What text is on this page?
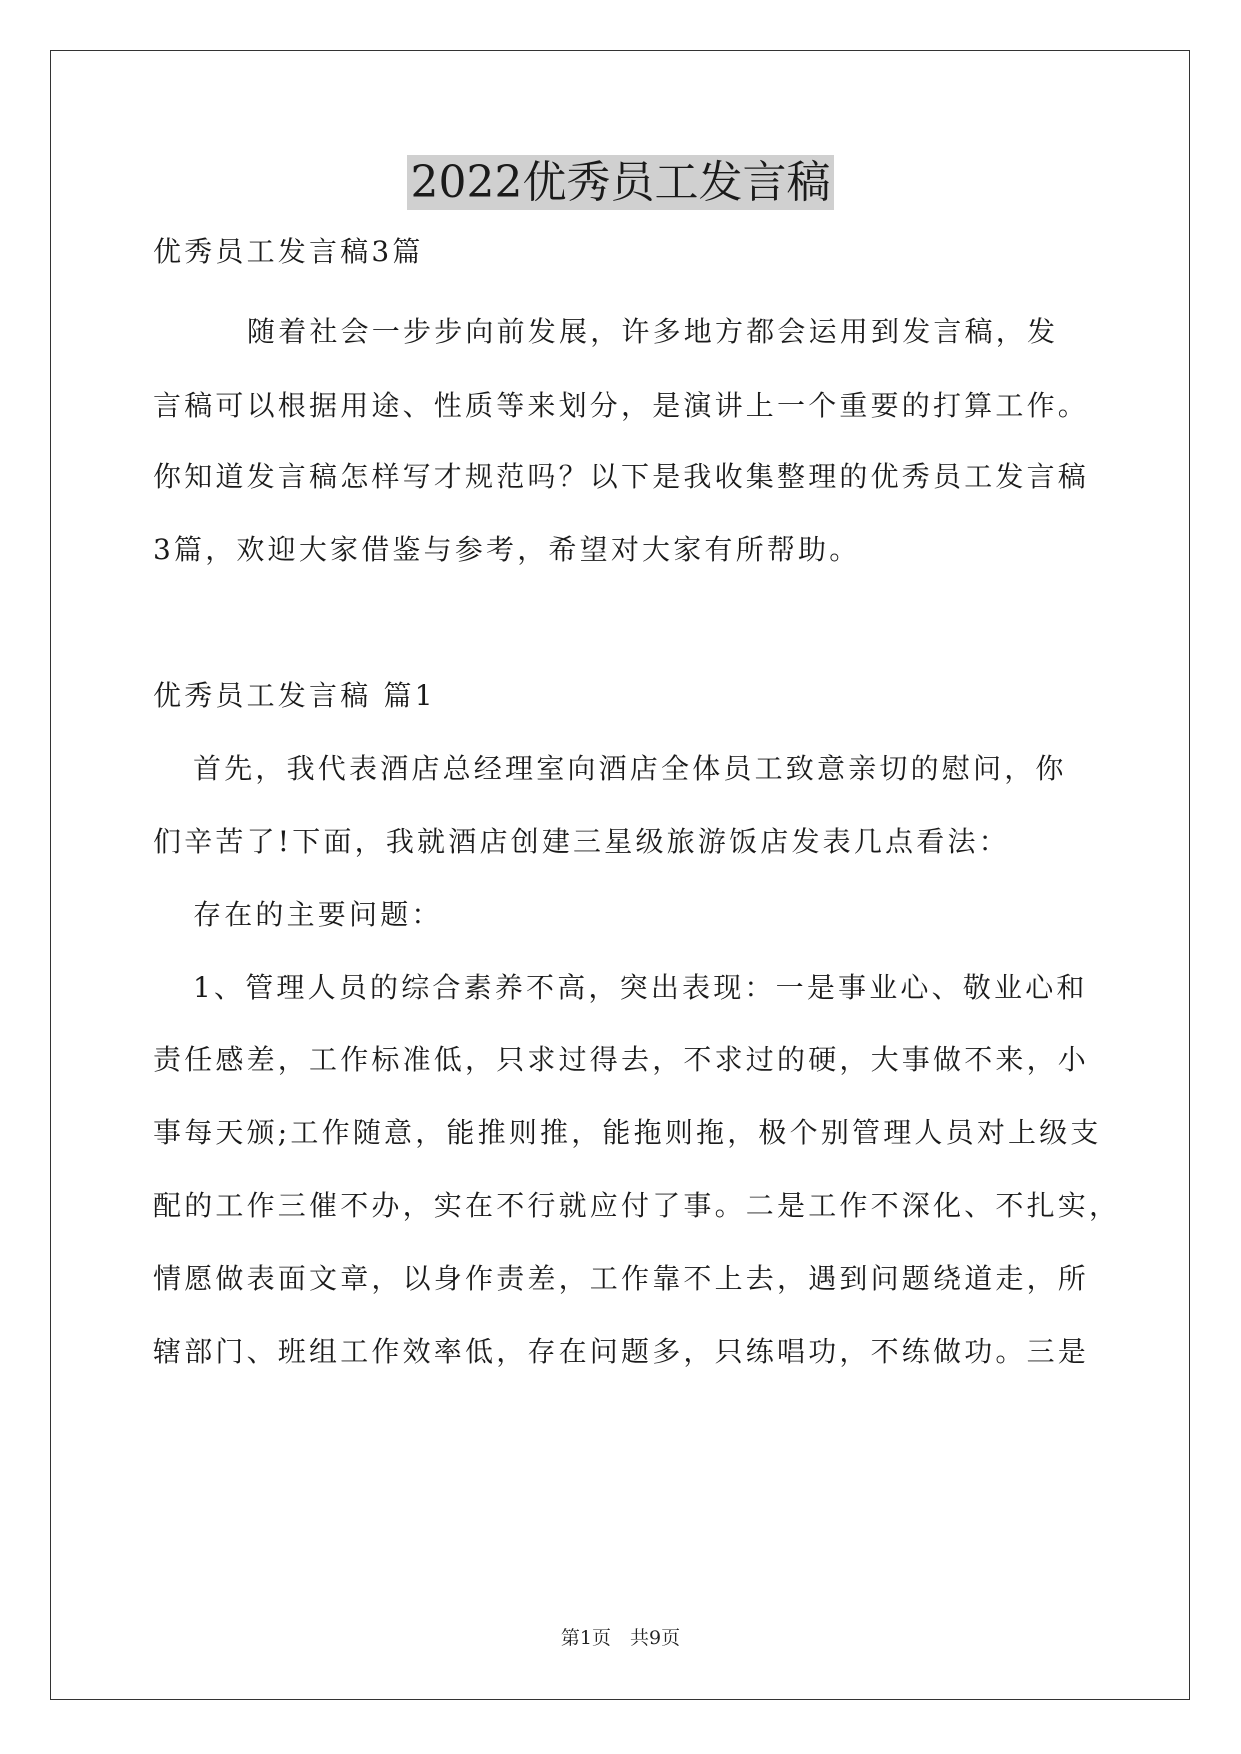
2022优秀员工发言稿
优秀员工发言稿3篇
随着社会一步步向前发展，许多地方都会运用到发言稿，发
言稿可以根据用途、性质等来划分，是演讲上一个重要的打算工作。
你知道发言稿怎样写才规范吗？以下是我收集整理的优秀员工发言稿
3篇，欢迎大家借鉴与参考，希望对大家有所帮助。
优秀员工发言稿 篇1
首先，我代表酒店总经理室向酒店全体员工致意亲切的慰问，你
们辛苦了!下面，我就酒店创建三星级旅游饭店发表几点看法：
存在的主要问题：
1、管理人员的综合素养不高，突出表现：一是事业心、敬业心和
责任感差，工作标准低，只求过得去，不求过的硬，大事做不来，小
事每天颁;工作随意，能推则推，能拖则拖，极个别管理人员对上级支
配的工作三催不办，实在不行就应付了事。二是工作不深化、不扎实，
情愿做表面文章，以身作责差，工作靠不上去，遇到问题绕道走，所
辖部门、班组工作效率低，存在问题多，只练唱功，不练做功。三是
第1页　共9页
